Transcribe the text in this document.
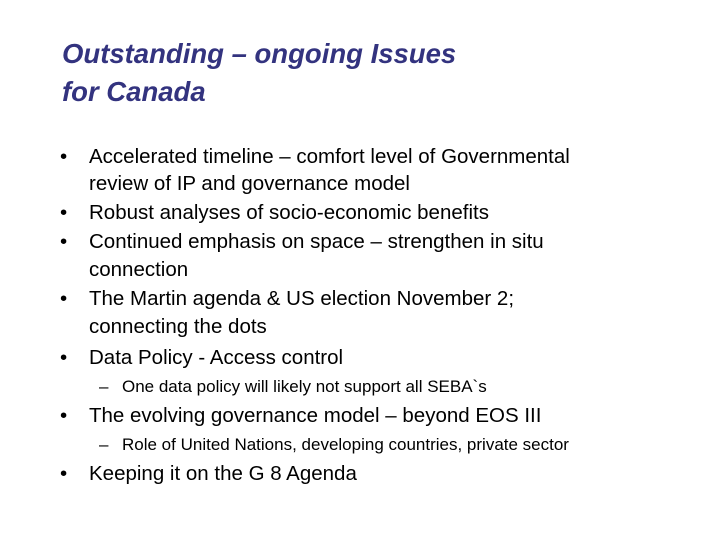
Outstanding – ongoing Issues
for Canada
• Accelerated timeline – comfort level of Governmental
review of IP and governance model
• Robust analyses of socio-economic benefits
• Continued emphasis on space – strengthen in situ
connection
• The Martin agenda & US election November 2;
connecting the dots
• Data Policy - Access control
– One data policy will likely not support all SEBA`s
• The evolving governance model – beyond EOS III
– Role of United Nations, developing countries, private sector
• Keeping it on the G 8 Agenda
